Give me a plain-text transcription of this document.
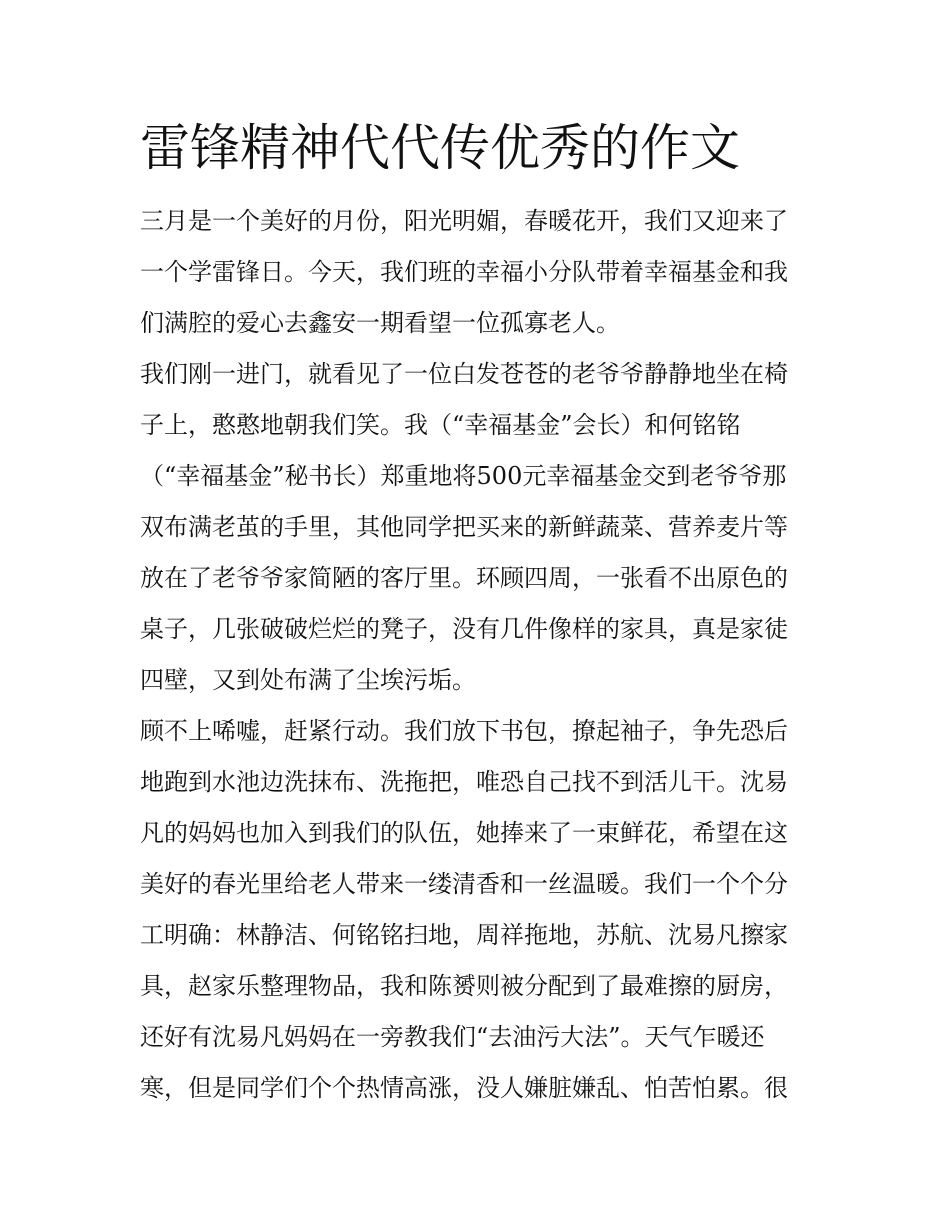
雷锋精神代代传优秀的作文
三月是一个美好的月份，阳光明媚，春暖花开，我们又迎来了
一个学雷锋日。今天，我们班的幸福小分队带着幸福基金和我
们满腔的爱心去鑫安一期看望一位孤寡老人。
我们刚一进门，就看见了一位白发苍苍的老爷爷静静地坐在椅
子上，憨憨地朝我们笑。我（“幸福基金”会长）和何铭铭
（“幸福基金”秘书长）郑重地将500元幸福基金交到老爷爷那
双布满老茧的手里，其他同学把买来的新鲜蔬菜、营养麦片等
放在了老爷爷家简陋的客厅里。环顾四周，一张看不出原色的
桌子，几张破破烂烂的凳子，没有几件像样的家具，真是家徒
四壁，又到处布满了尘埃污垢。
顾不上唏嘘，赶紧行动。我们放下书包，撩起袖子，争先恐后
地跑到水池边洗抹布、洗拖把，唯恐自己找不到活儿干。沈易
凡的妈妈也加入到我们的队伍，她捧来了一束鲜花，希望在这
美好的春光里给老人带来一缕清香和一丝温暖。我们一个个分
工明确：林静洁、何铭铭扫地，周祥拖地，苏航、沈易凡擦家
具，赵家乐整理物品，我和陈赟则被分配到了最难擦的厨房，
还好有沈易凡妈妈在一旁教我们“去油污大法”。天气乍暖还
寒，但是同学们个个热情高涨，没人嫌脏嫌乱、怕苦怕累。很
